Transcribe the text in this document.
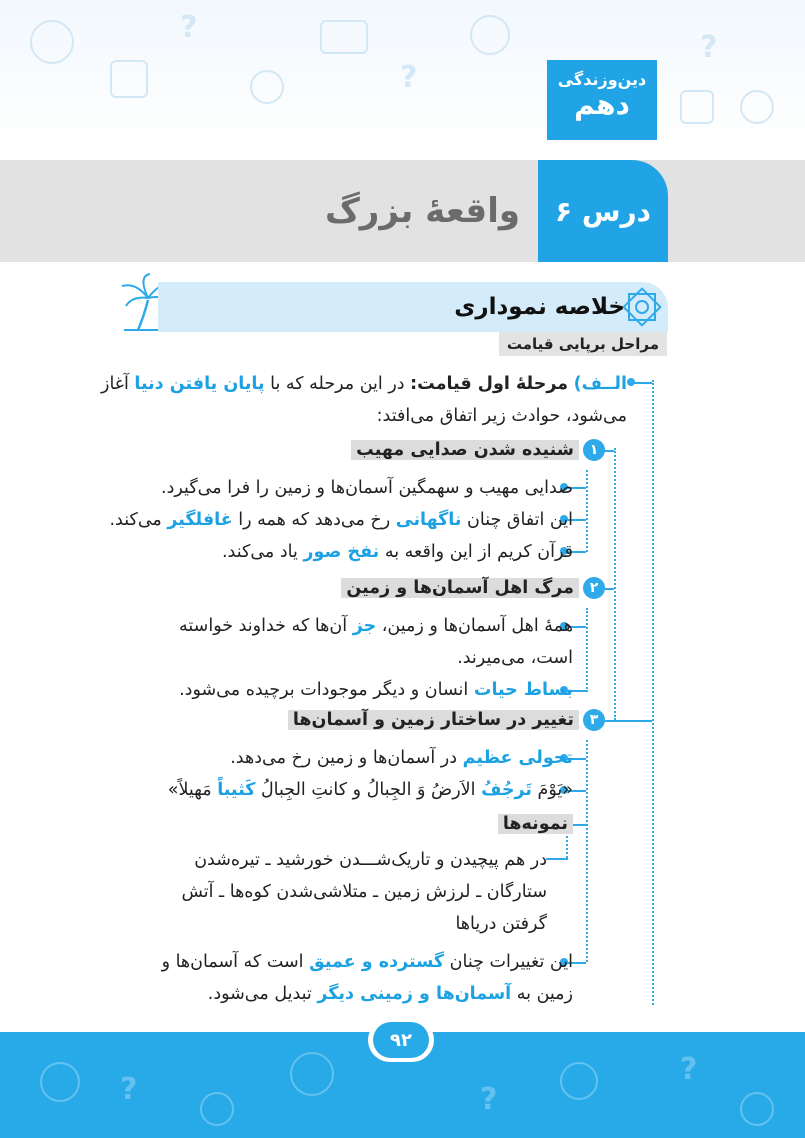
?
?
?
دین‌وزندگی
دهم
درس ۶
واقعۀ بزرگ
خلاصه نموداری
مراحل برپایی قیامت
الــف) مرحلۀ اول قیامت: در این مرحله که با پایان یافتن دنیا آغاز
می‌شود، حوادث زیر اتفاق می‌افتد:
۱شنیده شدن صدایی مهیب
صدایی مهیب و سهمگین آسمان‌ها و زمین را فرا می‌گیرد.
این اتفاق چنان ناگهانی رخ می‌دهد که همه را غافلگیر می‌کند.
قرآن کریم از این واقعه به نفخ صور یاد می‌کند.
۲مرگ اهل آسمان‌ها و زمین
همۀ اهل آسمان‌ها و زمین، جز آن‌ها که خداوند خواسته
است، می‌میرند.
بساط حیات انسان و دیگر موجودات برچیده می‌شود.
۳تغییر در ساختار زمین و آسمان‌ها
تحولی عظیم در آسمان‌ها و زمین رخ می‌دهد.
«یَوْمَ تَرجُفُ الاَرضُ وَ الجِبالُ و کانتِ الجِبالُ کَثیباً مَهیلاً»
نمونه‌ها
در هم پیچیدن و تاریک‌شـــدن خورشید ـ تیره‌شدن
ستارگان ـ لرزش زمین ـ متلاشی‌شدن کوه‌ها ـ آتش
گرفتن دریاها
این تغییرات چنان گسترده و عمیق است که آسمان‌ها و
زمین به آسمان‌ها و زمینی دیگر تبدیل می‌شود.
?	?
?
۹۲
